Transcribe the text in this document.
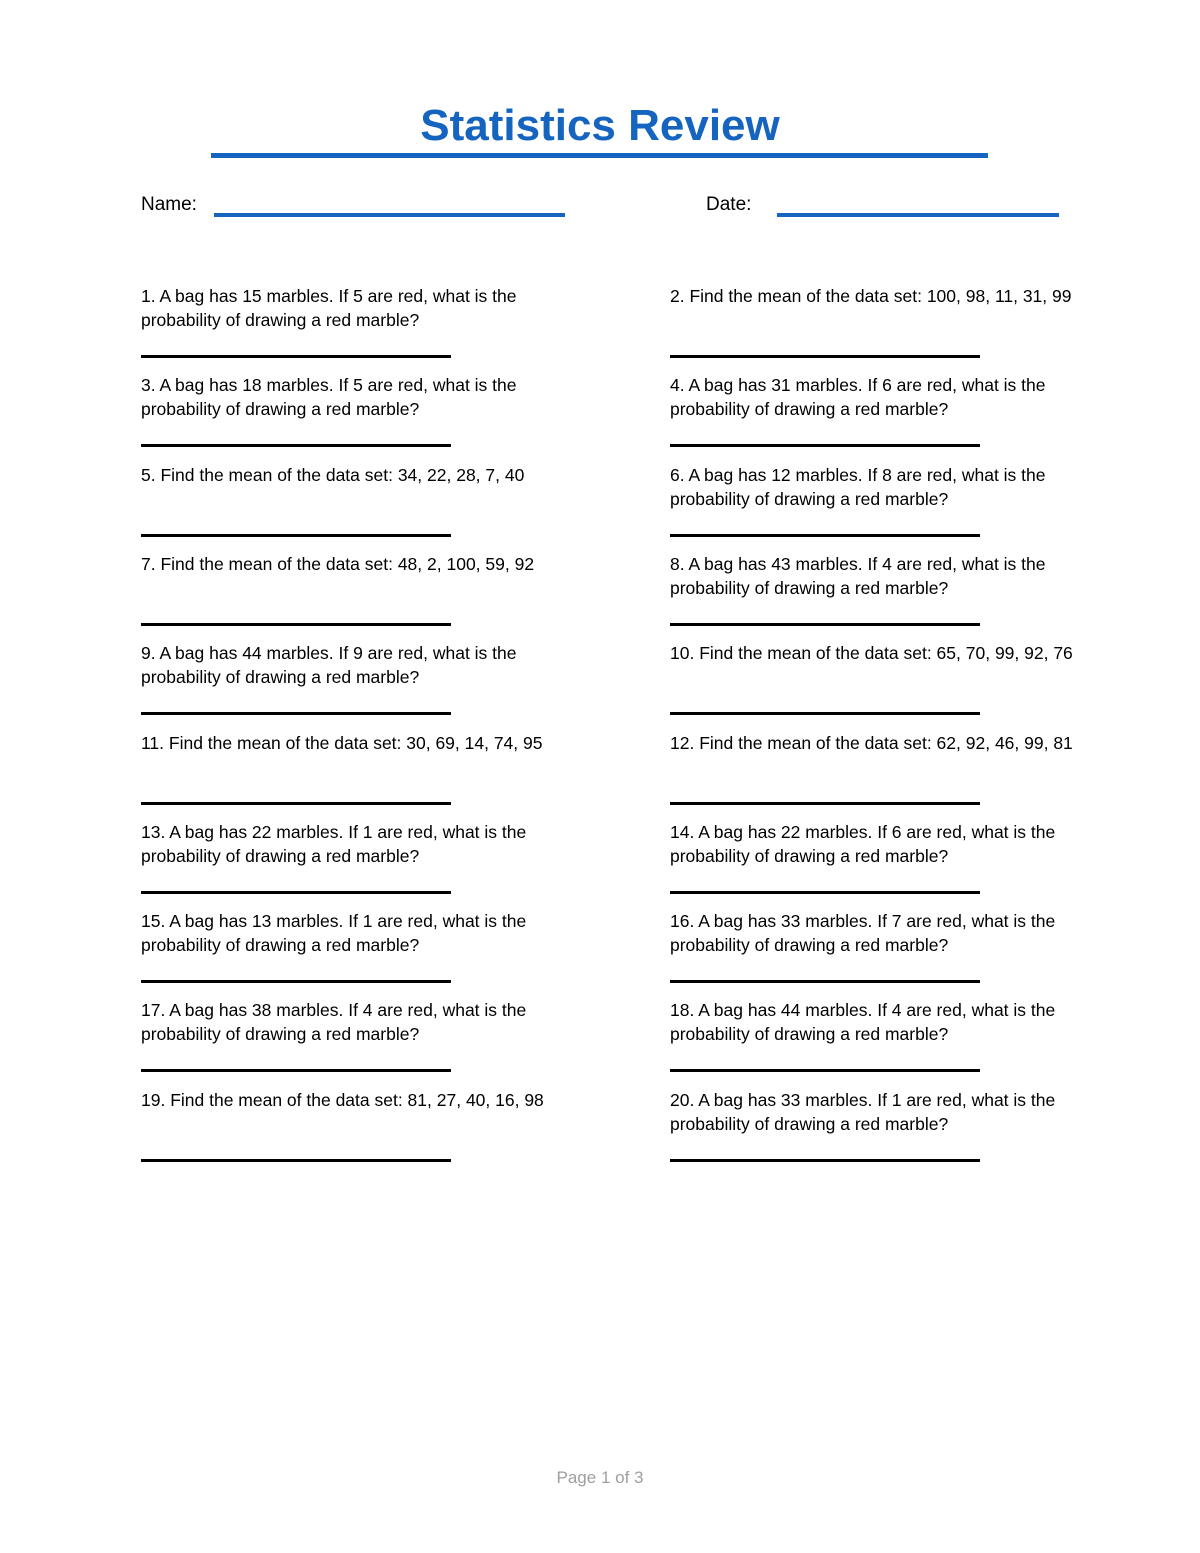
Statistics Review
Name:	Date:
1. A bag has 15 marbles. If 5 are red, what is the probability of drawing a red marble?
2. Find the mean of the data set: 100, 98, 11, 31, 99
3. A bag has 18 marbles. If 5 are red, what is the probability of drawing a red marble?
4. A bag has 31 marbles. If 6 are red, what is the probability of drawing a red marble?
5. Find the mean of the data set: 34, 22, 28, 7, 40	6. A bag has 12 marbles. If 8 are red, what is the probability of drawing a red marble?
7. Find the mean of the data set: 48, 2, 100, 59, 92	8. A bag has 43 marbles. If 4 are red, what is the probability of drawing a red marble?
9. A bag has 44 marbles. If 9 are red, what is the probability of drawing a red marble?
10. Find the mean of the data set: 65, 70, 99, 92, 76
11. Find the mean of the data set: 30, 69, 14, 74, 95	12. Find the mean of the data set: 62, 92, 46, 99, 81
13. A bag has 22 marbles. If 1 are red, what is the probability of drawing a red marble?
14. A bag has 22 marbles. If 6 are red, what is the probability of drawing a red marble?
15. A bag has 13 marbles. If 1 are red, what is the probability of drawing a red marble?
16. A bag has 33 marbles. If 7 are red, what is the probability of drawing a red marble?
17. A bag has 38 marbles. If 4 are red, what is the probability of drawing a red marble?
18. A bag has 44 marbles. If 4 are red, what is the probability of drawing a red marble?
19. Find the mean of the data set: 81, 27, 40, 16, 98	20. A bag has 33 marbles. If 1 are red, what is the probability of drawing a red marble?
Page 1 of 3
